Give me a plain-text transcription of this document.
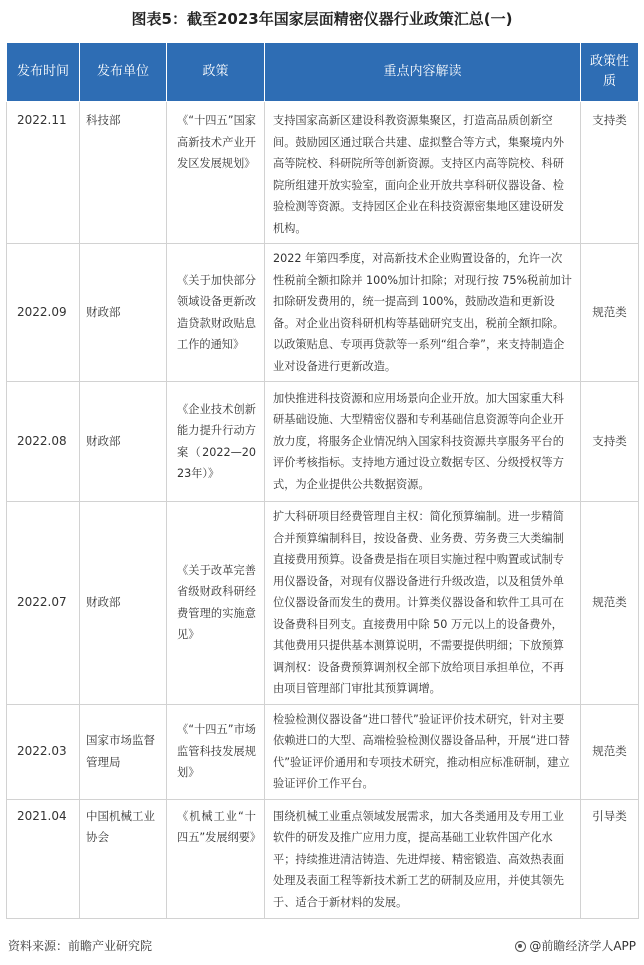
图表5：截至2023年国家层面精密仪器行业政策汇总(一)
发布时间	发布单位	政策	重点内容解读	政策性质
2022.11	科技部	《“十四五”国家高新技术产业开发区发展规划》	支持国家高新区建设科教资源集聚区，打造高品质创新空间。鼓励园区通过联合共建、虚拟整合等方式，集聚境内外高等院校、科研院所等创新资源。支持区内高等院校、科研院所组建开放实验室，面向企业开放共享科研仪器设备、检验检测等资源。支持园区企业在科技资源密集地区建设研发机构。	支持类
2022.09	财政部	《关于加快部分领域设备更新改造贷款财政贴息工作的通知》	2022 年第四季度，对高新技术企业购置设备的，允许一次性税前全额扣除并 100%加计扣除；对现行按 75%税前加计扣除研发费用的，统一提高到 100%，鼓励改造和更新设备。对企业出资科研机构等基础研究支出，税前全额扣除。以政策贴息、专项再贷款等一系列“组合拳”，来支持制造企业对设备进行更新改造。	规范类
2022.08	财政部	《企业技术创新能力提升行动方案（2022—2023年）》	加快推进科技资源和应用场景向企业开放。加大国家重大科研基础设施、大型精密仪器和专利基础信息资源等向企业开放力度，将服务企业情况纳入国家科技资源共享服务平台的评价考核指标。支持地方通过设立数据专区、分级授权等方式，为企业提供公共数据资源。	支持类
2022.07	财政部	《关于改革完善省级财政科研经费管理的实施意见》	扩大科研项目经费管理自主权：简化预算编制。进一步精简合并预算编制科目，按设备费、业务费、劳务费三大类编制直接费用预算。设备费是指在项目实施过程中购置或试制专用仪器设备，对现有仪器设备进行升级改造，以及租赁外单位仪器设备而发生的费用。计算类仪器设备和软件工具可在设备费科目列支。直接费用中除 50 万元以上的设备费外，其他费用只提供基本测算说明，不需要提供明细；下放预算调剂权：设备费预算调剂权全部下放给项目承担单位，不再由项目管理部门审批其预算调增。	规范类
2022.03	国家市场监督管理局	《“十四五”市场监管科技发展规划》	检验检测仪器设备“进口替代”验证评价技术研究，针对主要依赖进口的大型、高端检验检测仪器设备品种，开展“进口替代”验证评价通用和专项技术研究，推动相应标准研制，建立验证评价工作平台。	规范类
2021.04	中国机械工业协会	《机械工业“十四五”发展纲要》	围绕机械工业重点领域发展需求，加大各类通用及专用工业软件的研发及推广应用力度，提高基础工业软件国产化水平；持续推进清洁铸造、先进焊接、精密锻造、高效热表面处理及表面工程等新技术新工艺的研制及应用，并使其领先于、适合于新材料的发展。	引导类
资料来源：前瞻产业研究院	@前瞻经济学人APP
